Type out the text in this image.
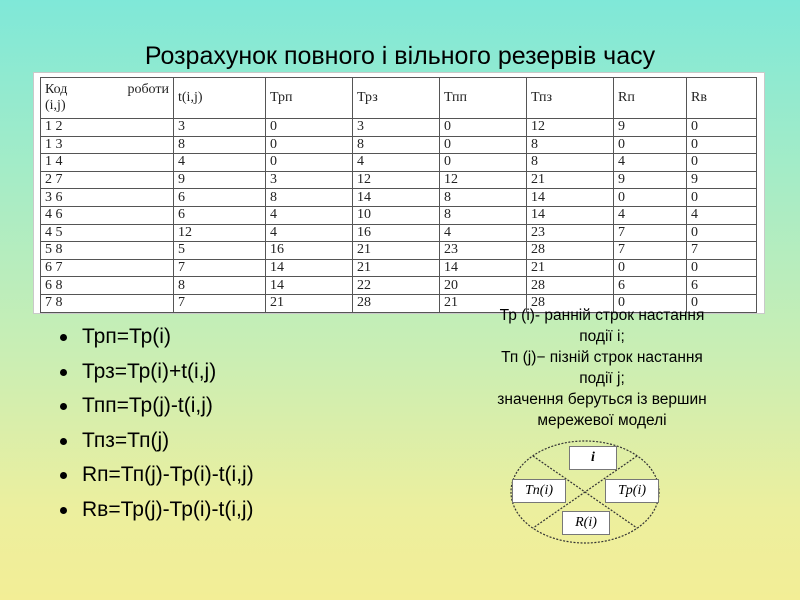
Розрахунок повного і вільного резервів часу
Код роботи
(i,j)	t(i,j)	Трп	Трз	Тпп	Тпз	Rп	Rв
1 2	3	0	3	0	12	9	0
1 3	8	0	8	0	8	0	0
1 4	4	0	4	0	8	4	0
2 7	9	3	12	12	21	9	9
3 6	6	8	14	8	14	0	0
4 6	6	4	10	8	14	4	4
4 5	12	4	16	4	23	7	0
5 8	5	16	21	23	28	7	7
6 7	7	14	21	14	21	0	0
6 8	8	14	22	20	28	6	6
7 8	7	21	28	21	28	0	0
Трп=Тр(i)
Трз=Тр(i)+t(i,j)
Тпп=Тр(j)-t(i,j)
Тпз=Тп(j)
Rп=Тп(j)-Тр(i)-t(i,j)
Rв=Тр(j)-Тр(i)-t(i,j)
Тр (i)- ранній строк настання
події і;
Тп (j)− пізній строк настання
події j;
значення беруться із вершин
мережевої моделі
i
Tn(i)	Tp(i)
R(i)
